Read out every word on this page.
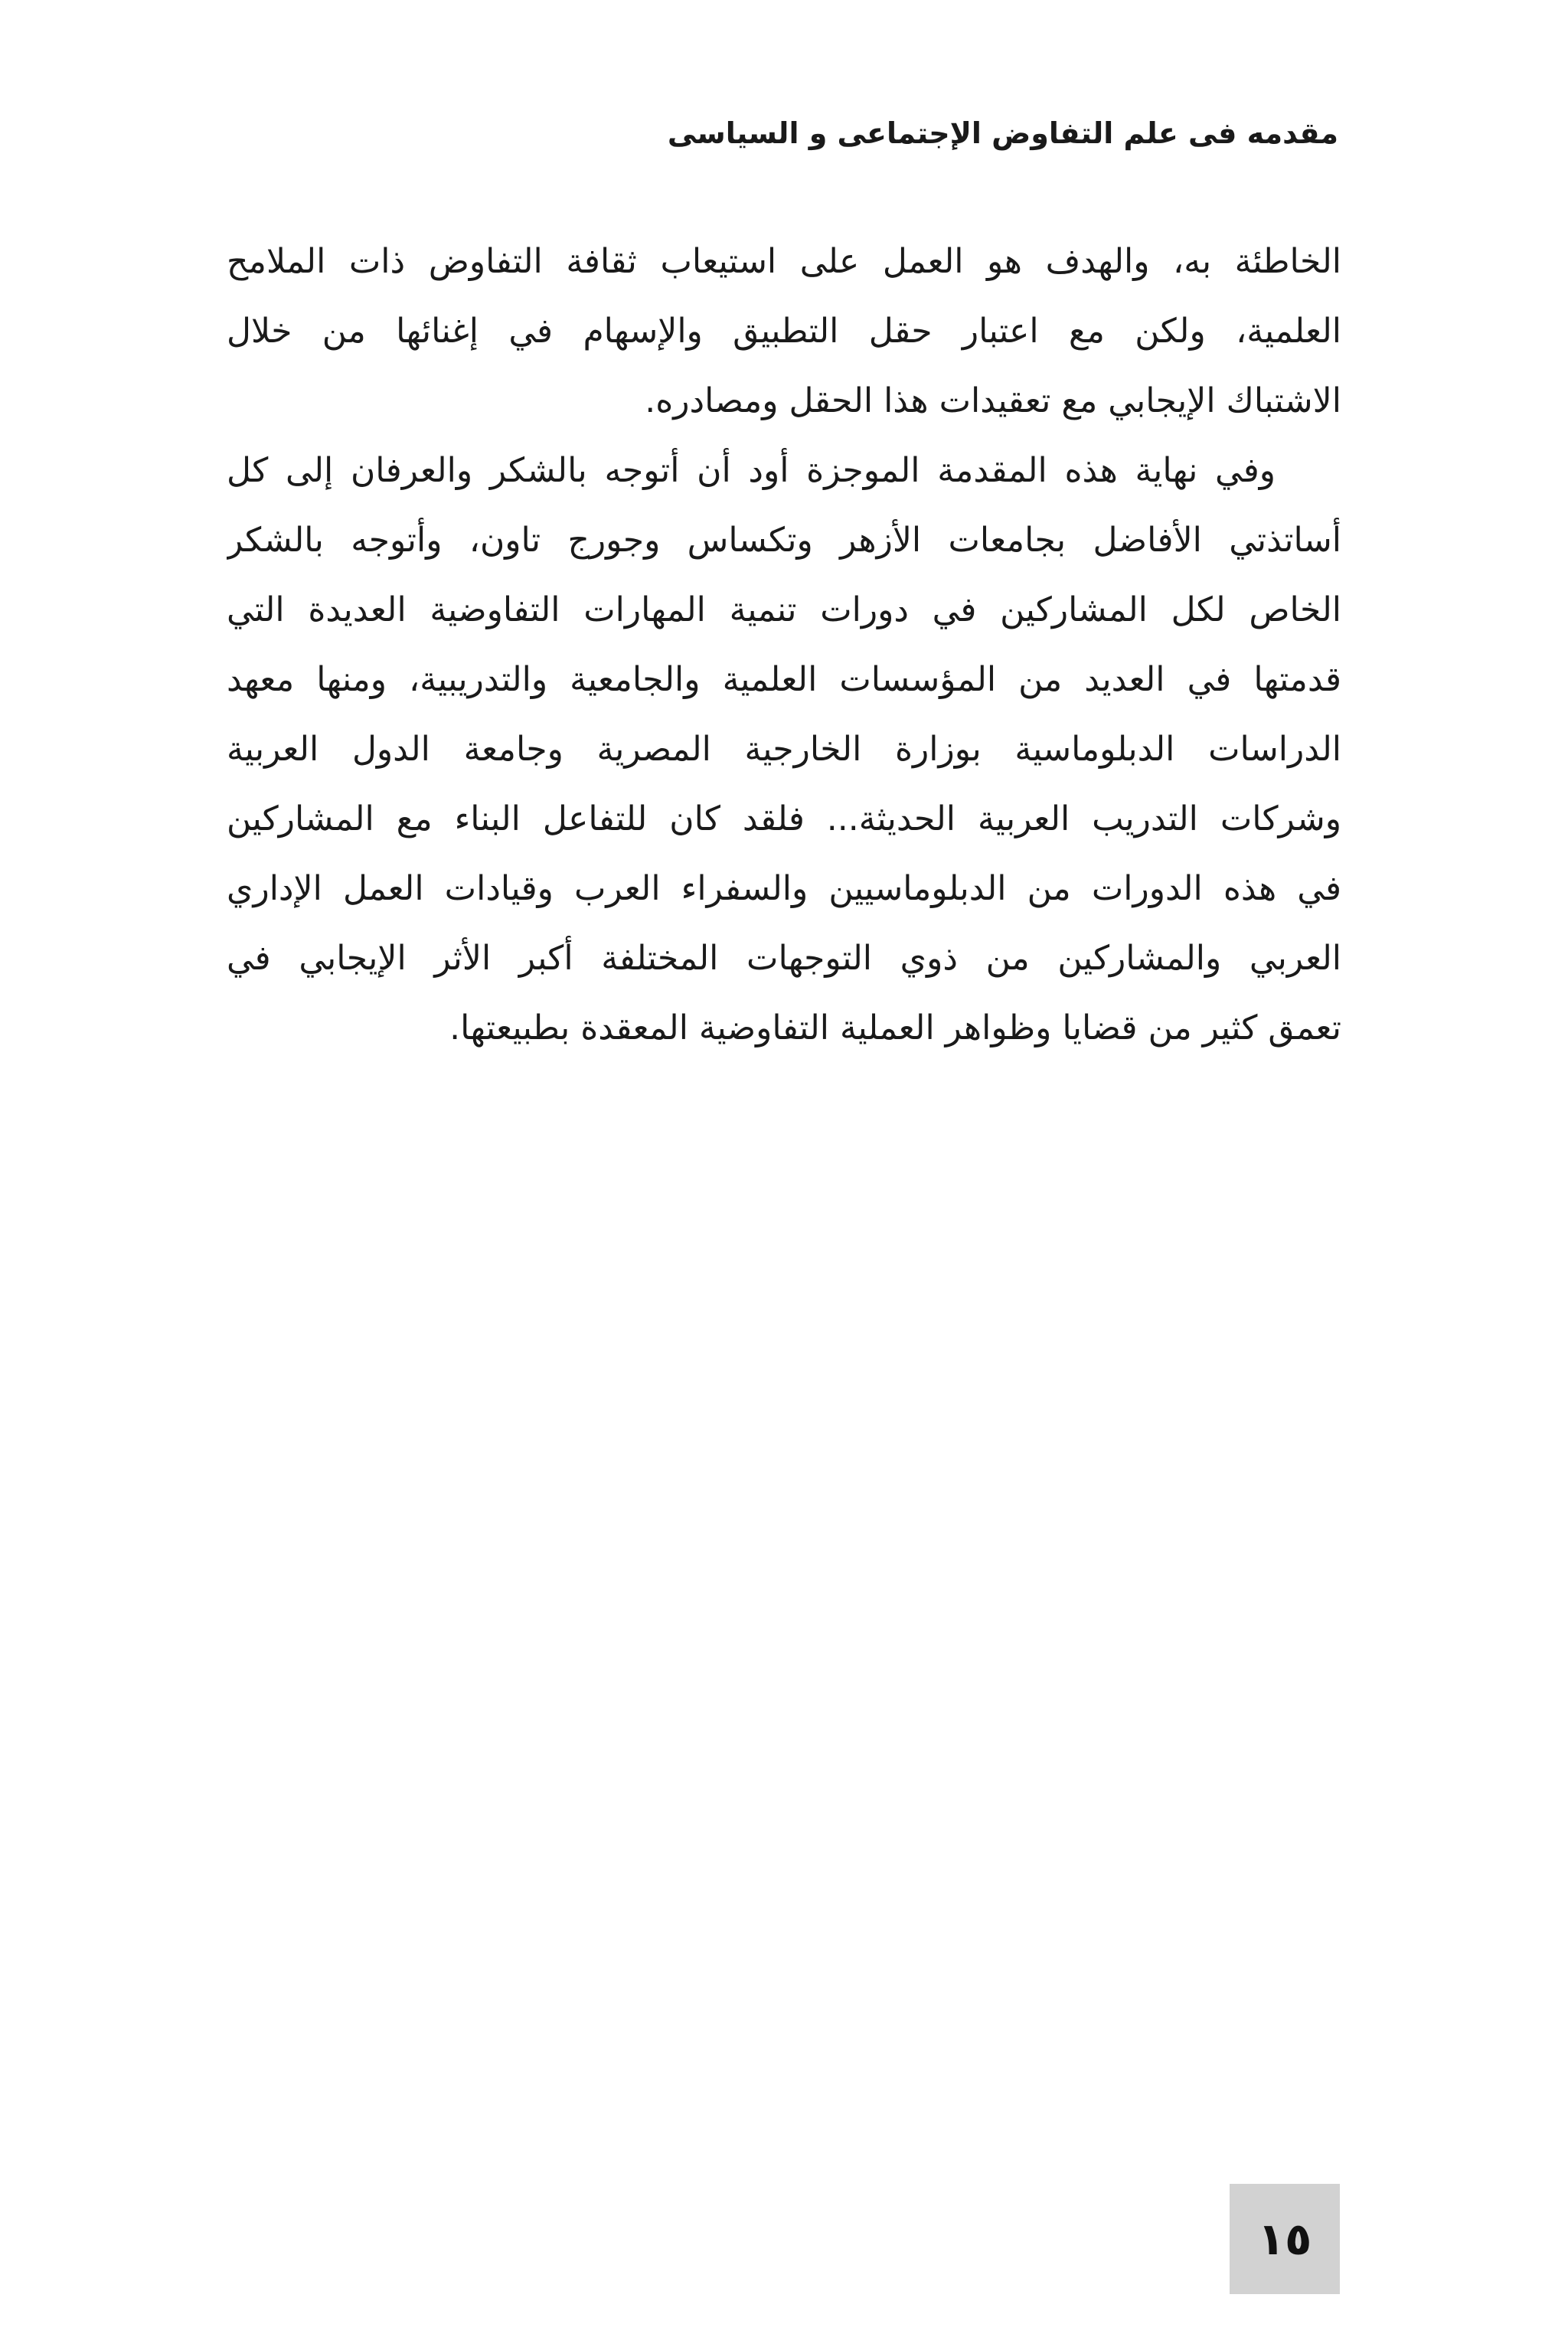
مقدمه فى علم التفاوض الإجتماعى و السياسى
الخاطئة به، والهدف هو العمل على استيعاب ثقافة التفاوض ذات الملامح
العلمية، ولكن مع اعتبار حقل التطبيق والإسهام في إغنائها من خلال
الاشتباك الإيجابي مع تعقيدات هذا الحقل ومصادره.
وفي نهاية هذه المقدمة الموجزة أود أن أتوجه بالشكر والعرفان إلى كل
أساتذتي الأفاضل بجامعات الأزهر وتكساس وجورج تاون، وأتوجه بالشكر
الخاص لكل المشاركين في دورات تنمية المهارات التفاوضية العديدة التي
قدمتها في العديد من المؤسسات العلمية والجامعية والتدريبية، ومنها معهد
الدراسات الدبلوماسية بوزارة الخارجية المصرية وجامعة الدول العربية
وشركات التدريب العربية الحديثة... فلقد كان للتفاعل البناء مع المشاركين
في هذه الدورات من الدبلوماسيين والسفراء العرب وقيادات العمل الإداري
العربي والمشاركين من ذوي التوجهات المختلفة أكبر الأثر الإيجابي في
تعمق كثير من قضايا وظواهر العملية التفاوضية المعقدة بطبيعتها.
١٥
